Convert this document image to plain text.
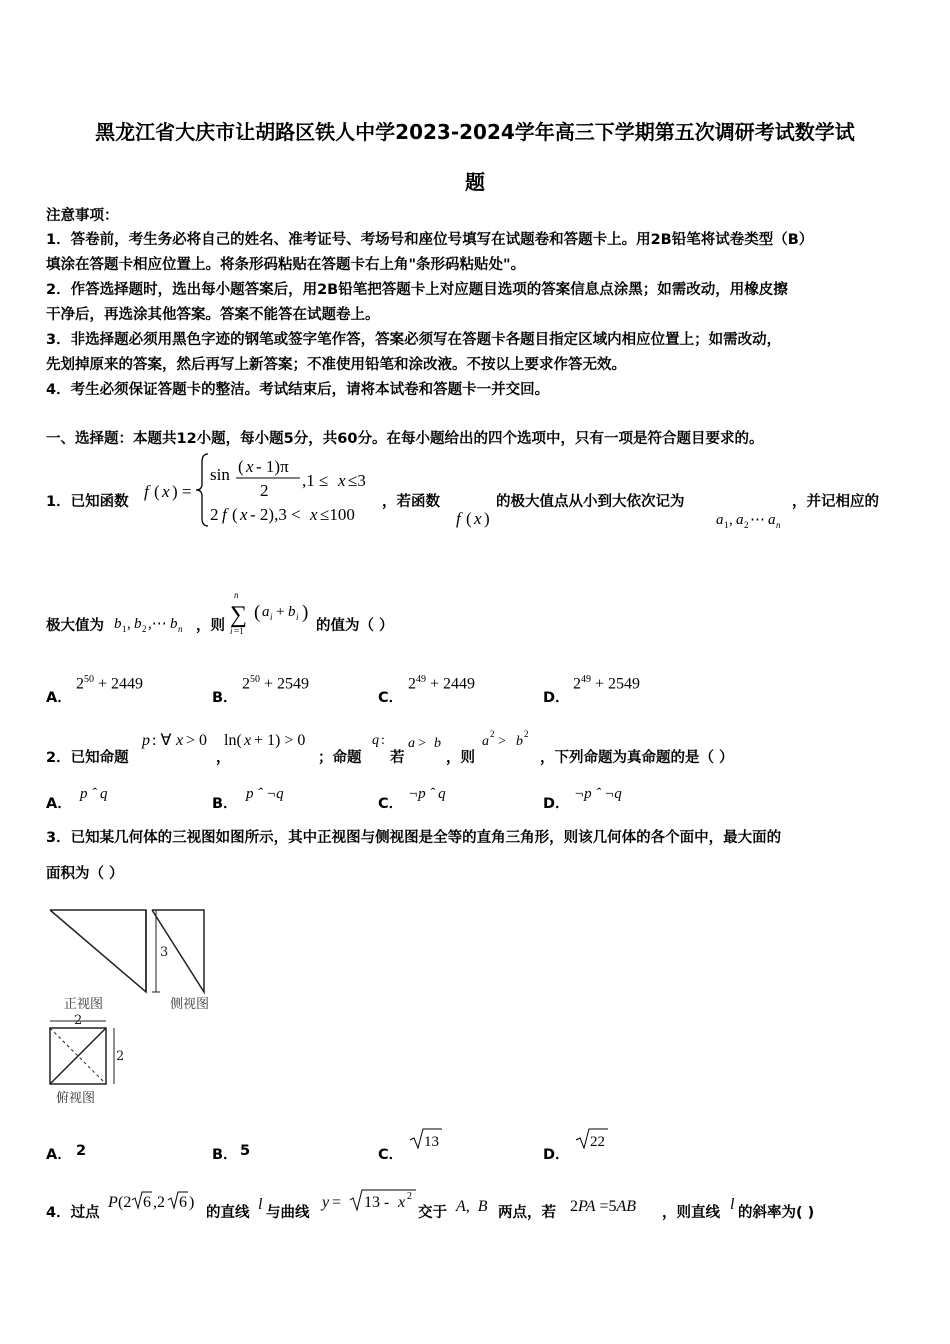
黑龙江省大庆市让胡路区铁人中学2023-2024学年高三下学期第五次调研考试数学试
题
注意事项：
1．答卷前，考生务必将自己的姓名、准考证号、考场号和座位号填写在试题卷和答题卡上。用2B铅笔将试卷类型（B）
填涂在答题卡相应位置上。将条形码粘贴在答题卡右上角"条形码粘贴处"。
2．作答选择题时，选出每小题答案后，用2B铅笔把答题卡上对应题目选项的答案信息点涂黑；如需改动，用橡皮擦
干净后，再选涂其他答案。答案不能答在试题卷上。
3．非选择题必须用黑色字迹的钢笔或签字笔作答，答案必须写在答题卡各题目指定区域内相应位置上；如需改动，
先划掉原来的答案，然后再写上新答案；不准使用铅笔和涂改液。不按以上要求作答无效。
4．考生必须保证答题卡的整洁。考试结束后，请将本试卷和答题卡一并交回。
一、选择题：本题共12小题，每小题5分，共60分。在每小题给出的四个选项中，只有一项是符合题目要求的。
1．已知函数
f ( x ) =
sin ( x - 1)π
2
,1 ≤ x ≤3
2 f ( x - 2),3 < x ≤100
，若函数
f ( x )
的极大值点从小到大依次记为
a 1 , a 2 ⋯ a n
，并记相应的
极大值为 b 1 , b 2 ,⋯ b n ，则
n
∑
i =1
( a i + b i )
的值为（ ）
A．
$2^{50} + 2449$
B．
$2^{50} + 2549$
C．
$2^{49} + 2449$
D．
$2^{49} + 2549$
2．已知命题
p : ∀ x > 0 ln( x + 1) > 0
，	；命题
q :
若
a > b
，则
a 2 > b 2
，下列命题为真命题的是（ ）
A．
p ˆ q
B．
p ˆ ¬q
C．
¬p ˆ q
D．
¬p ˆ ¬q
3．已知某几何体的三视图如图所示，其中正视图与侧视图是全等的直角三角形，则该几何体的各个面中，最大面的
面积为（ ）
3
2
2
正视图	侧视图
俯视图
A． 2	B． 5	C．
13
D．
22
4．过点
P (2 6 ,2 6 )
的直线 l 与曲线
y = 13 - x 2
交于 A,  B 两点，若 2PA =5AB ，则直线 l 的斜率为( )
